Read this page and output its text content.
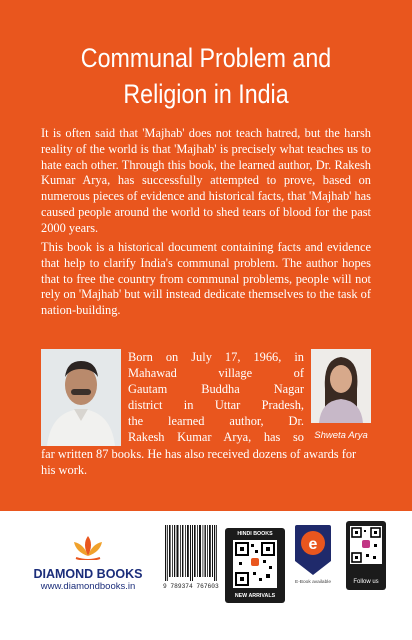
Communal Problem and
Religion in India
It is often said that 'Majhab' does not teach hatred, but the harsh reality of the world is that 'Majhab' is precisely what teaches us to hate each other. Through this book, the learned author, Dr. Rakesh Kumar Arya, has successfully attempted to prove, based on numerous pieces of evidence and historical facts, that 'Majhab' has caused people around the world to shed tears of blood for the past 2000 years.
This book is a historical document containing facts and evidence that help to clarify India's communal problem. The author hopes that to free the country from communal problems, people will not rely on 'Majhab' but will instead dedicate themselves to the task of nation-building.
Born on July 17, 1966, in
Mahawad village of
Gautam Buddha Nagar
district in Uttar Pradesh,
the learned author, Dr.
Rakesh Kumar Arya, has so	Shweta Arya
far written 87 books. He has also received dozens of awards for his work.
DIAMOND BOOKS
www.diamondbooks.in	9 789374 767603
HINDI BOOKS
NEW ARRIVALS
e
E-Book available	Follow us
